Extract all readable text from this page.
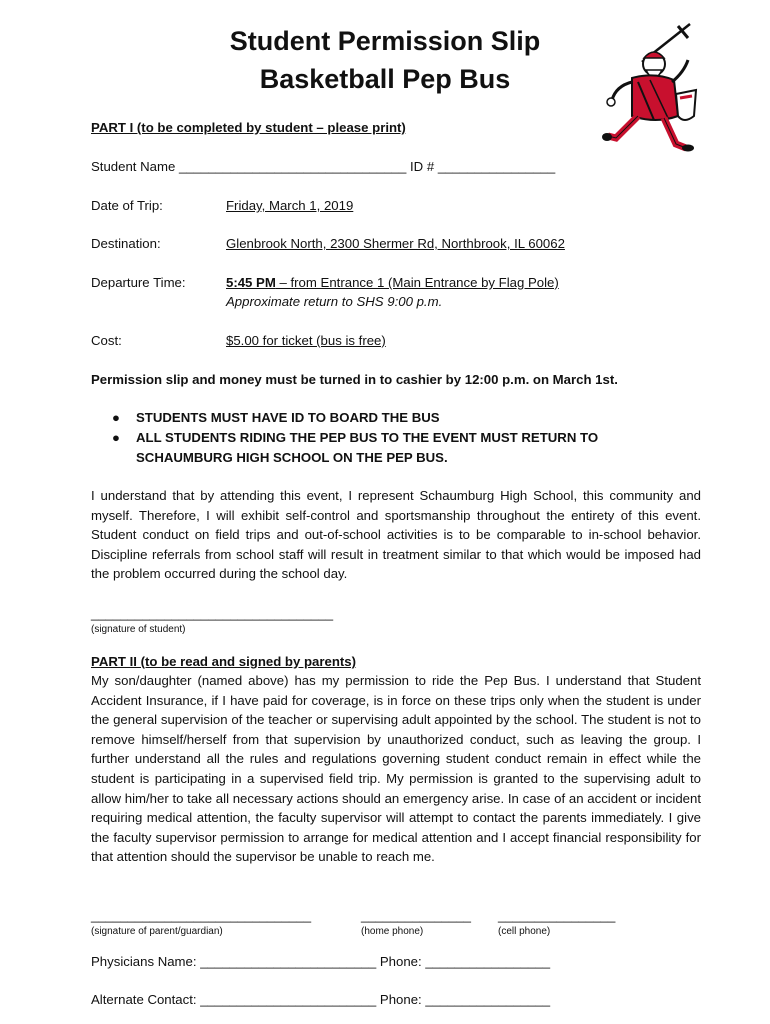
Student Permission Slip
Basketball Pep Bus
PART I (to be completed by student – please print)
Student Name _______________________________ ID # ________________
Date of Trip:	Friday, March 1, 2019
Destination:	Glenbrook North, 2300 Shermer Rd, Northbrook, IL 60062
Departure Time:	5:45 PM – from Entrance 1 (Main Entrance by Flag Pole)
Approximate return to SHS 9:00 p.m.
Cost:	$5.00 for ticket (bus is free)
Permission slip and money must be turned in to cashier by 12:00 p.m. on March 1st.
● STUDENTS MUST HAVE ID TO BOARD THE BUS
● ALL STUDENTS RIDING THE PEP BUS TO THE EVENT MUST RETURN TO SCHAUMBURG HIGH SCHOOL ON THE PEP BUS.
I understand that by attending this event, I represent Schaumburg High School, this community and myself. Therefore, I will exhibit self-control and sportsmanship throughout the entirety of this event. Student conduct on field trips and out-of-school activities is to be comparable to in-school behavior. Discipline referrals from school staff will result in treatment similar to that which would be imposed had the problem occurred during the school day.
_________________________________
(signature of student)
PART II (to be read and signed by parents)
My son/daughter (named above) has my permission to ride the Pep Bus. I understand that Student Accident Insurance, if I have paid for coverage, is in force on these trips only when the student is under the general supervision of the teacher or supervising adult appointed by the school. The student is not to remove himself/herself from that supervision by unauthorized conduct, such as leaving the group. I further understand all the rules and regulations governing student conduct remain in effect while the student is participating in a supervised field trip. My permission is granted to the supervising adult to allow him/her to take all necessary actions should an emergency arise. In case of an accident or incident requiring medical attention, the faculty supervisor will attempt to contact the parents immediately. I give the faculty supervisor permission to arrange for medical attention and I accept financial responsibility for that attention should the supervisor be unable to reach me.
______________________________	_______________ ________________
(signature of parent/guardian)	(home phone)	(cell phone)
Physicians Name: ________________________ Phone: _________________
Alternate Contact: ________________________ Phone: _________________
